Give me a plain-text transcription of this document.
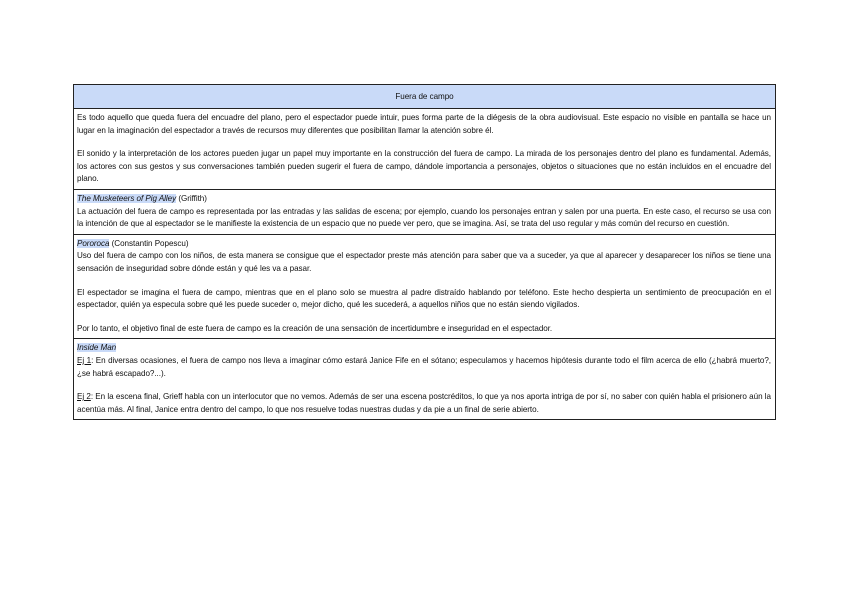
Fuera de campo

Es todo aquello que queda fuera del encuadre del plano, pero el espectador puede intuir, pues forma parte de la diégesis de la obra audiovisual. Este espacio no visible en pantalla se hace un lugar en la imaginación del espectador a través de recursos muy diferentes que posibilitan llamar la atención sobre él.

El sonido y la interpretación de los actores pueden jugar un papel muy importante en la construcción del fuera de campo. La mirada de los personajes dentro del plano es fundamental. Además, los actores con sus gestos y sus conversaciones también pueden sugerir el fuera de campo, dándole importancia a personajes, objetos o situaciones que no están incluidos en el encuadre del plano.

The Musketeers of Pig Alley (Griffith)

La actuación del fuera de campo es representada por las entradas y las salidas de escena; por ejemplo, cuando los personajes entran y salen por una puerta. En este caso, el recurso se usa con la intención de que al espectador se le manifieste la existencia de un espacio que no puede ver pero, que se imagina. Así, se trata del uso regular y más común del recurso en cuestión.

Pororoca (Constantin Popescu)

Uso del fuera de campo con los niños, de esta manera se consigue que el espectador preste más atención para saber que va a suceder, ya que al aparecer y desaparecer los niños se tiene una sensación de inseguridad sobre dónde están y qué les va a pasar.

El espectador se imagina el fuera de campo, mientras que en el plano solo se muestra al padre distraído hablando por teléfono. Este hecho despierta un sentimiento de preocupación en el espectador, quién ya especula sobre qué les puede suceder o, mejor dicho, qué les sucederá, a aquellos niños que no están siendo vigilados.

Por lo tanto, el objetivo final de este fuera de campo es la creación de una sensación de incertidumbre e inseguridad en el espectador.

Inside Man

Ej 1: En diversas ocasiones, el fuera de campo nos lleva a imaginar cómo estará Janice Fife en el sótano; especulamos y hacemos hipótesis durante todo el film acerca de ello (¿habrá muerto?, ¿se habrá escapado?...).

Ej 2: En la escena final, Grieff habla con un interlocutor que no vemos. Además de ser una escena postcréditos, lo que ya nos aporta intriga de por sí, no saber con quién habla el prisionero aún la acentúa más. Al final, Janice entra dentro del campo, lo que nos resuelve todas nuestras dudas y da pie a un final de serie abierto.
